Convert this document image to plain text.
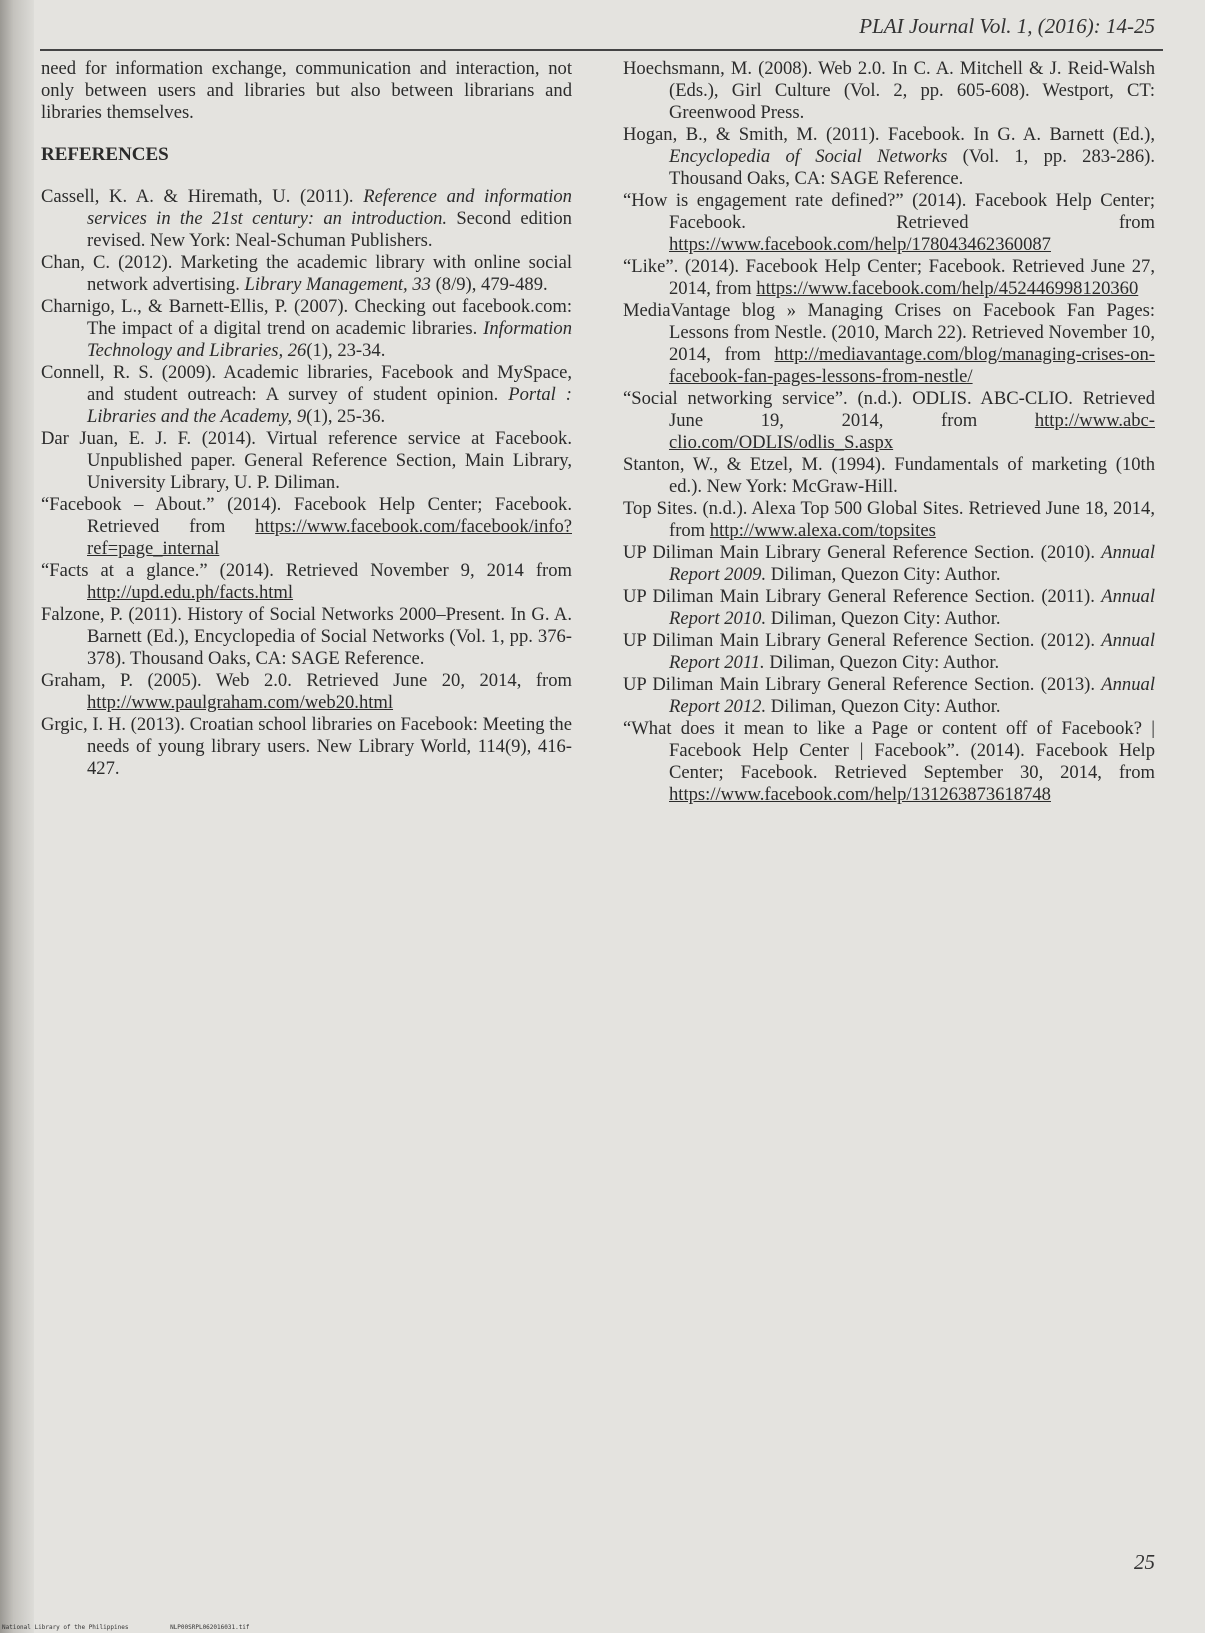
PLAI Journal Vol. 1, (2016): 14-25

need for information exchange, communication and interaction, not only between users and libraries but also between librarians and libraries themselves.

REFERENCES

Cassell, K. A. & Hiremath, U. (2011). Reference and information services in the 21st century: an introduction. Second edition revised. New York: Neal-Schuman Publishers.

Chan, C. (2012). Marketing the academic library with online social network advertising. Library Management, 33 (8/9), 479-489.

Charnigo, L., & Barnett-Ellis, P. (2007). Checking out facebook.com: The impact of a digital trend on academic libraries. Information Technology and Libraries, 26(1), 23-34.

Connell, R. S. (2009). Academic libraries, Facebook and MySpace, and student outreach: A survey of student opinion. Portal : Libraries and the Academy, 9(1), 25-36.

Dar Juan, E. J. F. (2014). Virtual reference service at Facebook. Unpublished paper. General Reference Section, Main Library, University Library, U. P. Diliman.

“Facebook – About.” (2014). Facebook Help Center; Facebook. Retrieved from https://www.facebook.com/facebook/info?ref=page_internal

“Facts at a glance.” (2014). Retrieved November 9, 2014 from http://upd.edu.ph/facts.html

Falzone, P. (2011). History of Social Networks 2000–Present. In G. A. Barnett (Ed.), Encyclopedia of Social Networks (Vol. 1, pp. 376-378). Thousand Oaks, CA: SAGE Reference.

Graham, P. (2005). Web 2.0. Retrieved June 20, 2014, from http://www.paulgraham.com/web20.html

Grgic, I. H. (2013). Croatian school libraries on Facebook: Meeting the needs of young library users. New Library World, 114(9), 416-427.

Hoechsmann, M. (2008). Web 2.0. In C. A. Mitchell & J. Reid-Walsh (Eds.), Girl Culture (Vol. 2, pp. 605-608). Westport, CT: Greenwood Press.

Hogan, B., & Smith, M. (2011). Facebook. In G. A. Barnett (Ed.), Encyclopedia of Social Networks (Vol. 1, pp. 283-286). Thousand Oaks, CA: SAGE Reference.

“How is engagement rate defined?” (2014). Facebook Help Center; Facebook. Retrieved from https://www.facebook.com/help/178043462360087

“Like”. (2014). Facebook Help Center; Facebook. Retrieved June 27, 2014, from https://www.facebook.com/help/452446998120360

MediaVantage blog » Managing Crises on Facebook Fan Pages: Lessons from Nestle. (2010, March 22). Retrieved November 10, 2014, from http://mediavantage.com/blog/managing-crises-on-facebook-fan-pages-lessons-from-nestle/

“Social networking service”. (n.d.). ODLIS. ABC-CLIO. Retrieved June 19, 2014, from http://www.abc-clio.com/ODLIS/odlis_S.aspx

Stanton, W., & Etzel, M. (1994). Fundamentals of marketing (10th ed.). New York: McGraw-Hill.

Top Sites. (n.d.). Alexa Top 500 Global Sites. Retrieved June 18, 2014, from http://www.alexa.com/topsites

UP Diliman Main Library General Reference Section. (2010). Annual Report 2009. Diliman, Quezon City: Author.

UP Diliman Main Library General Reference Section. (2011). Annual Report 2010. Diliman, Quezon City: Author.

UP Diliman Main Library General Reference Section. (2012). Annual Report 2011. Diliman, Quezon City: Author.

UP Diliman Main Library General Reference Section. (2013). Annual Report 2012. Diliman, Quezon City: Author.

“What does it mean to like a Page or content off of Facebook? | Facebook Help Center | Facebook”. (2014). Facebook Help Center; Facebook. Retrieved September 30, 2014, from https://www.facebook.com/help/131263873618748

25
National Library of the Philippines	NLP00SRPL062016031.tif
